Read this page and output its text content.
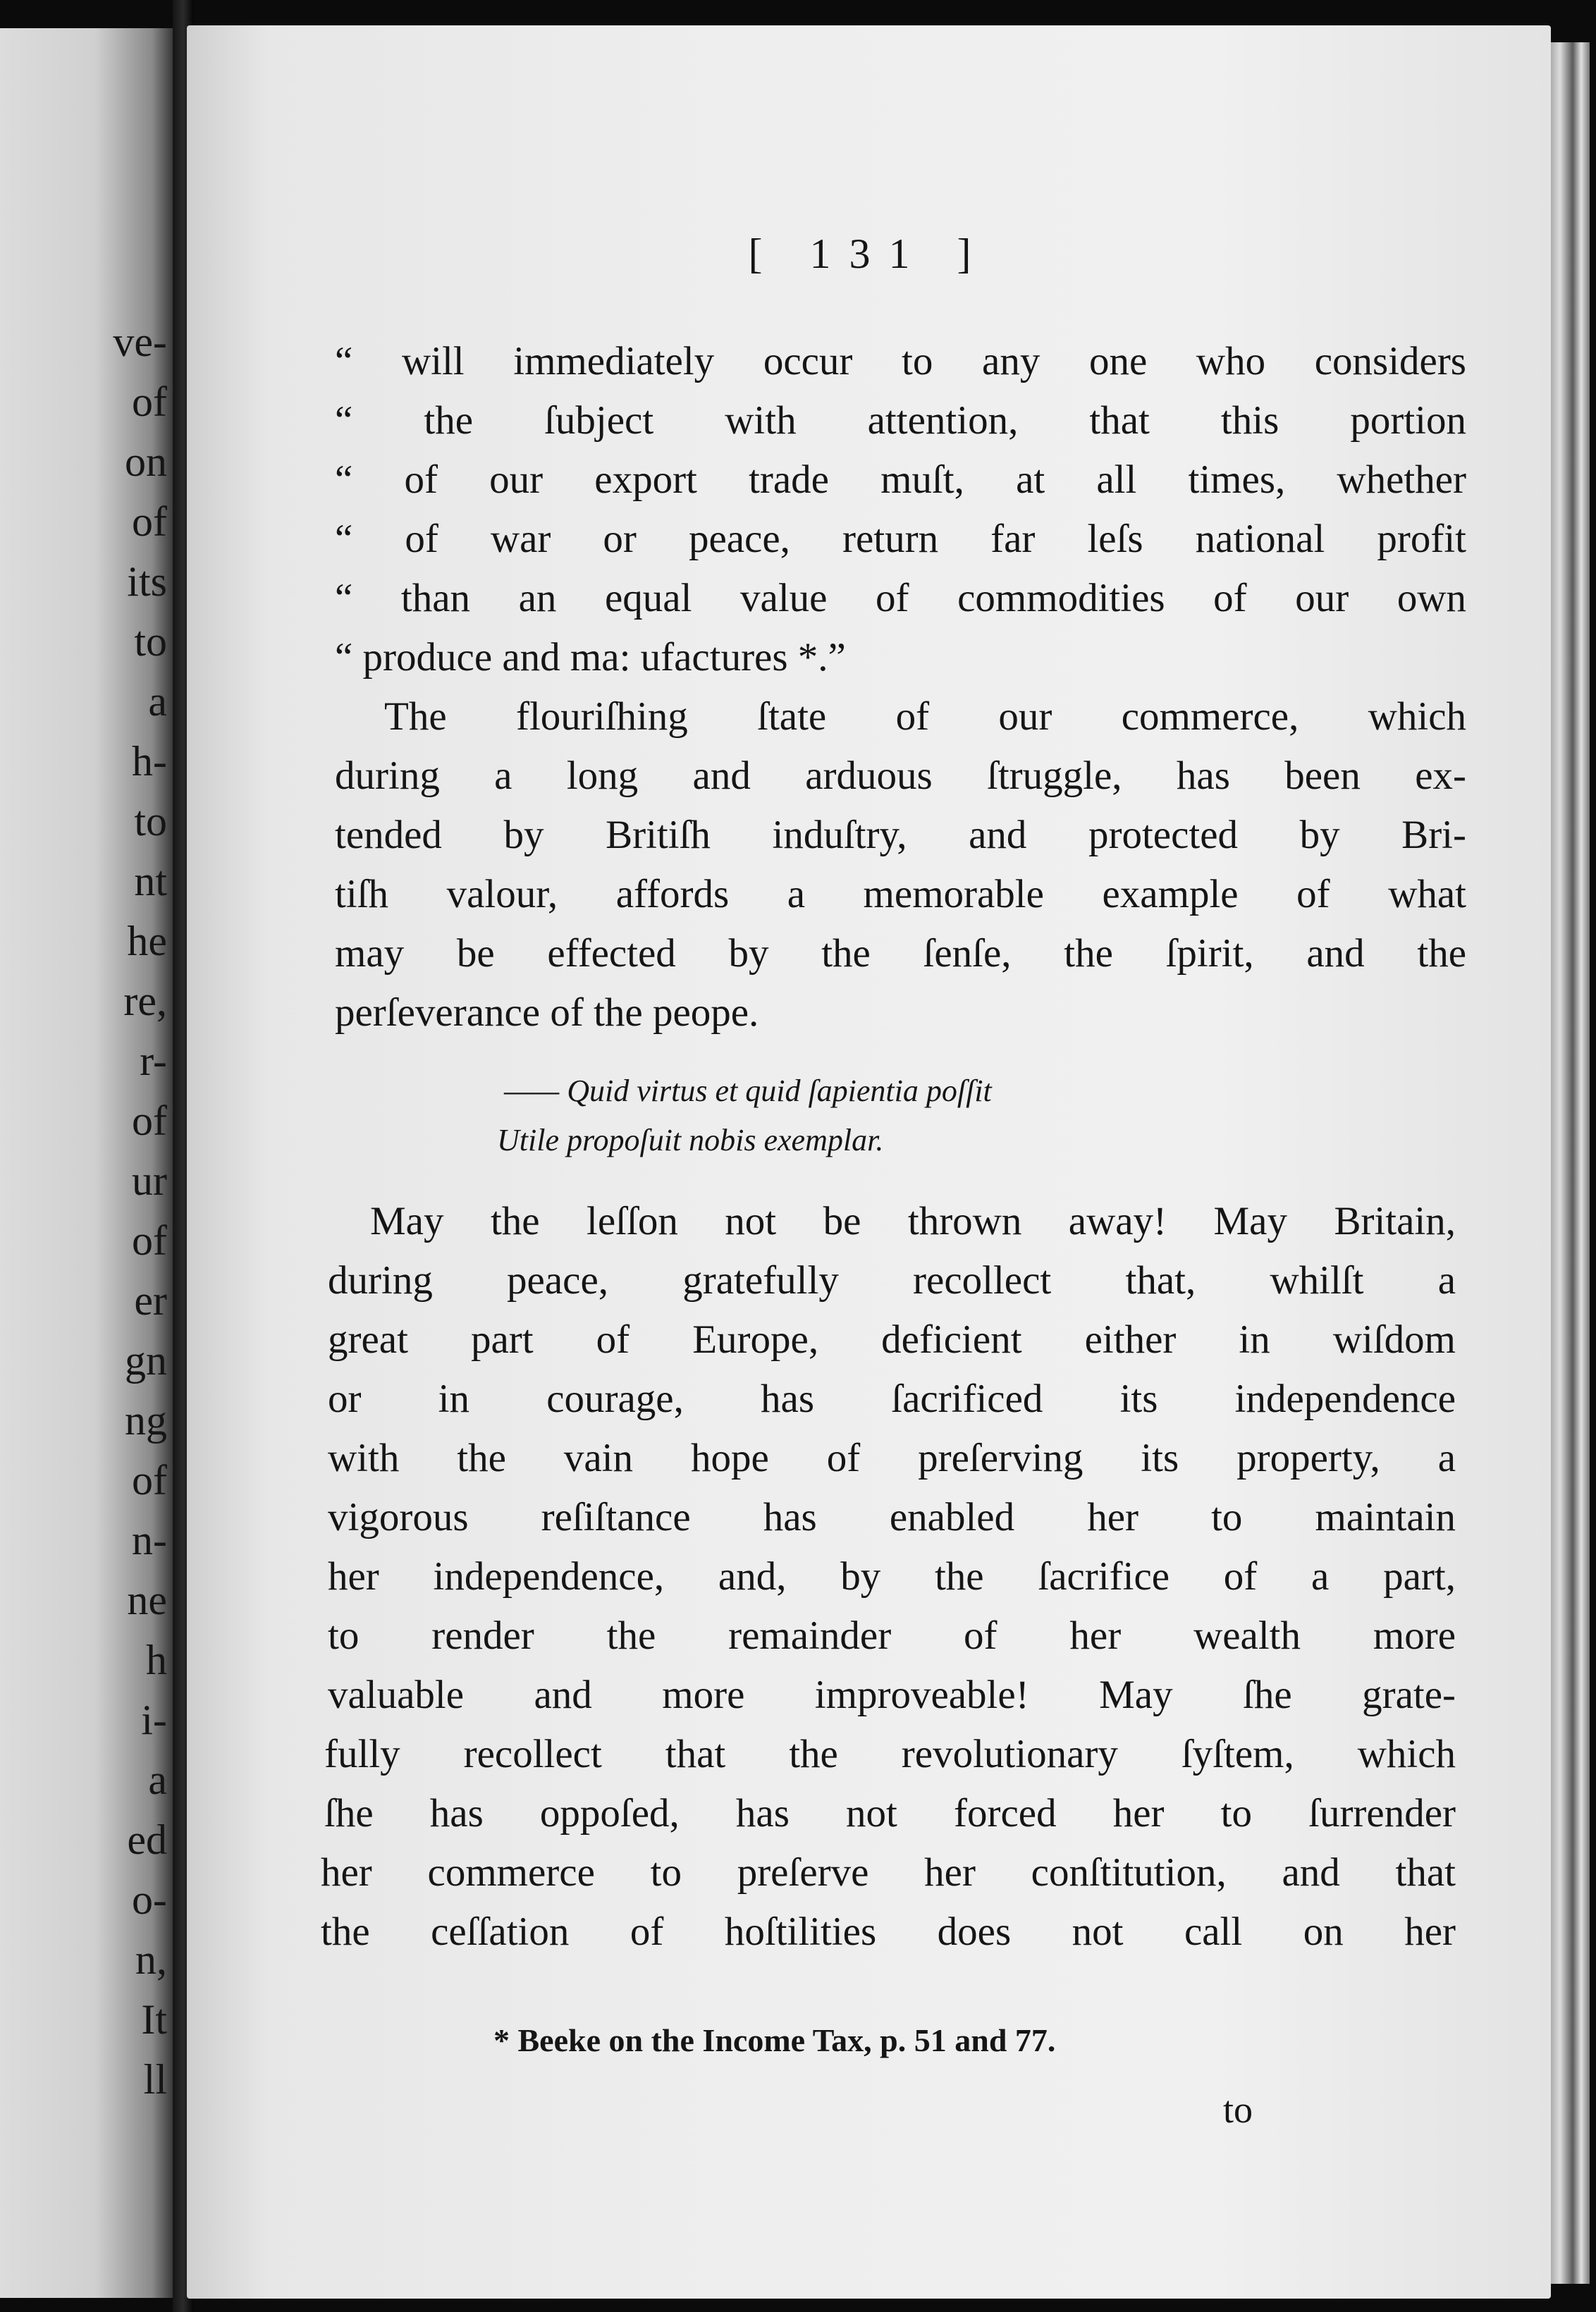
ve-
of
on
of
its
to
a
h-
to
nt
he
re,
r-
of
ur
of
er
gn
ng
of
n-
ne
h
i-
a
ed
o-
n,
It
ll
[ 131 ]
“ will immediately occur to any one who considers
“ the ſubject with attention, that this portion
“ of our export trade muſt, at all times, whether
“ of war or peace, return far leſs national profit
“ than an equal value of commodities of our own
“ produce and ma: ufactures *.”
The flouriſhing ſtate of our commerce, which
during a long and arduous ſtruggle, has been ex-
tended by Britiſh induſtry, and protected by Bri-
tiſh valour, affords a memorable example of what
may be effected by the ſenſe, the ſpirit, and the
perſeverance of the peope.
—— Quid virtus et quid ſapientia poſſit
Utile propoſuit nobis exemplar.
May the leſſon not be thrown away! May Britain,
during peace, gratefully recollect that, whilſt a
great part of Europe, deficient either in wiſdom
or in courage, has ſacrificed its independence
with the vain hope of preſerving its property, a
vigorous reſiſtance has enabled her to maintain
her independence, and, by the ſacrifice of a part,
to render the remainder of her wealth more
valuable and more improveable! May ſhe grate-
fully recollect that the revolutionary ſyſtem, which
ſhe has oppoſed, has not forced her to ſurrender
her commerce to preſerve her conſtitution, and that
the ceſſation of hoſtilities does not call on her
* Beeke on the Income Tax, p. 51 and 77.
to
